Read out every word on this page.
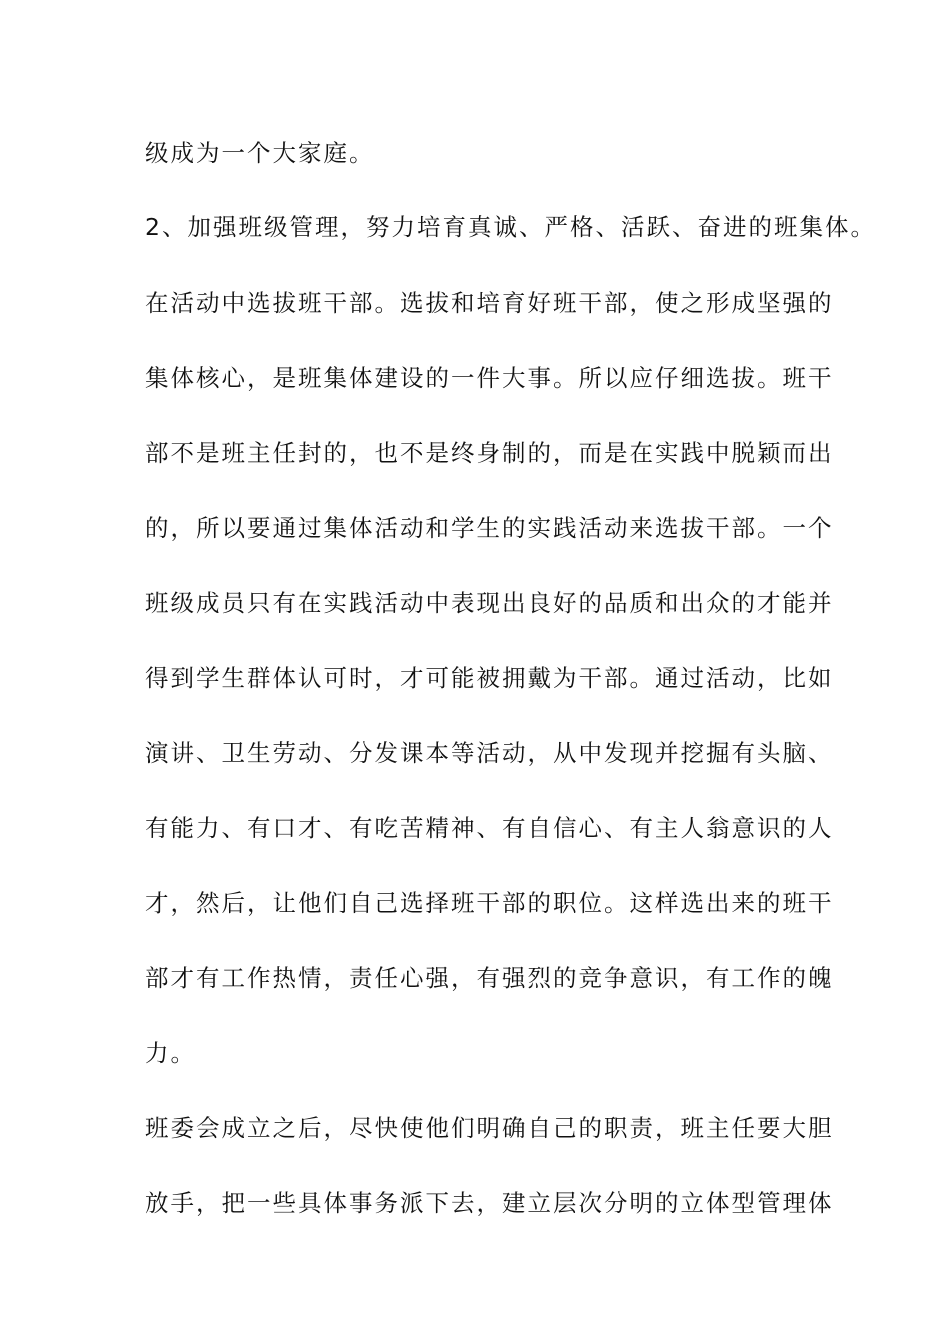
级成为一个大家庭。

2、加强班级管理，努力培育真诚、严格、活跃、奋进的班集体。

在活动中选拔班干部。选拔和培育好班干部，使之形成坚强的

集体核心，是班集体建设的一件大事。所以应仔细选拔。班干

部不是班主任封的，也不是终身制的，而是在实践中脱颖而出

的，所以要通过集体活动和学生的实践活动来选拔干部。一个

班级成员只有在实践活动中表现出良好的品质和出众的才能并

得到学生群体认可时，才可能被拥戴为干部。通过活动，比如

演讲、卫生劳动、分发课本等活动，从中发现并挖掘有头脑、

有能力、有口才、有吃苦精神、有自信心、有主人翁意识的人

才，然后，让他们自己选择班干部的职位。这样选出来的班干

部才有工作热情，责任心强，有强烈的竞争意识，有工作的魄

力。

班委会成立之后，尽快使他们明确自己的职责，班主任要大胆

放手，把一些具体事务派下去，建立层次分明的立体型管理体
